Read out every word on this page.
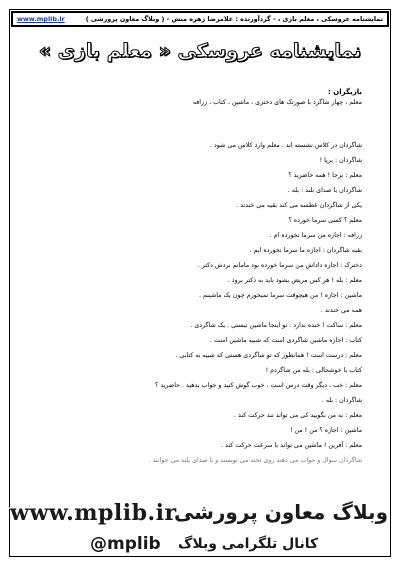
نمایشنامه عروسکی ، معلم بازی ، - گردآورنده : غلامرضا زهره منش - ( وبلاگ معاون پرورشی )
www.mplib.ir
نمایشنامه عروسکی « معلم بازی »
بازیگران :
معلم ، چهار شاگرد با صورتک های دختری ، ماشین ، کتاب ، زرافه
شاگردان در کلاس نشسته اند . معلم وارد کلاس می شود .
شاگردان : برپا !
معلم : برجا ! همه حاضرید ؟
شاگردان با صدای بلند : بله .
یکی از شاگردان عطسه می کند بقیه می خندند .
معلم ؟ کسی سرما خورده ؟
زرافه : اجازه من سرما نخورده ام .
بقیه شاگردان : اجازه ما سرما نخورده ایم .
دخترک : اجازه داداش من سرما خورده بود مامانم بردش دکتر .
معلم : بله ! هر کس مریض بشود باید به دکتر برود .
ماشین : اجازه ! من هیچوقت سرما نمیخورم چون یک ماشینم .
همه می خندند .
معلم : ساکت ! خنده ندارد . تو اینجا ماشین نیستی . یک شاگردی .
کتاب : اجازه ماشین شاگردی است که شبیه ماشین است .
معلم : درست است ! همانطور که تو شاگردی هستی که شبیه به کتابی .
کتاب با خوشحالی : بله من شاگردم !
معلم : خب ، دیگر وقت درس است . خوب گوش کنید و جواب بدهید . حاضرید ؟
شاگردان : بله .
معلم : به من بگویید کی می تواند تند حرکت کند .
ماشین : اجازه ؟ من ! من !
معلم : آفرین ! ماشین می تواند با سرعت حرکت کند .
شاگردان سوال و جواب می دهند روی تخته می نویسند و با صدای بلند می خوانند .
www.mplib.ir
وبلاگ معاون پرورشی
@mplib کانال تلگرامی وبلاگ
